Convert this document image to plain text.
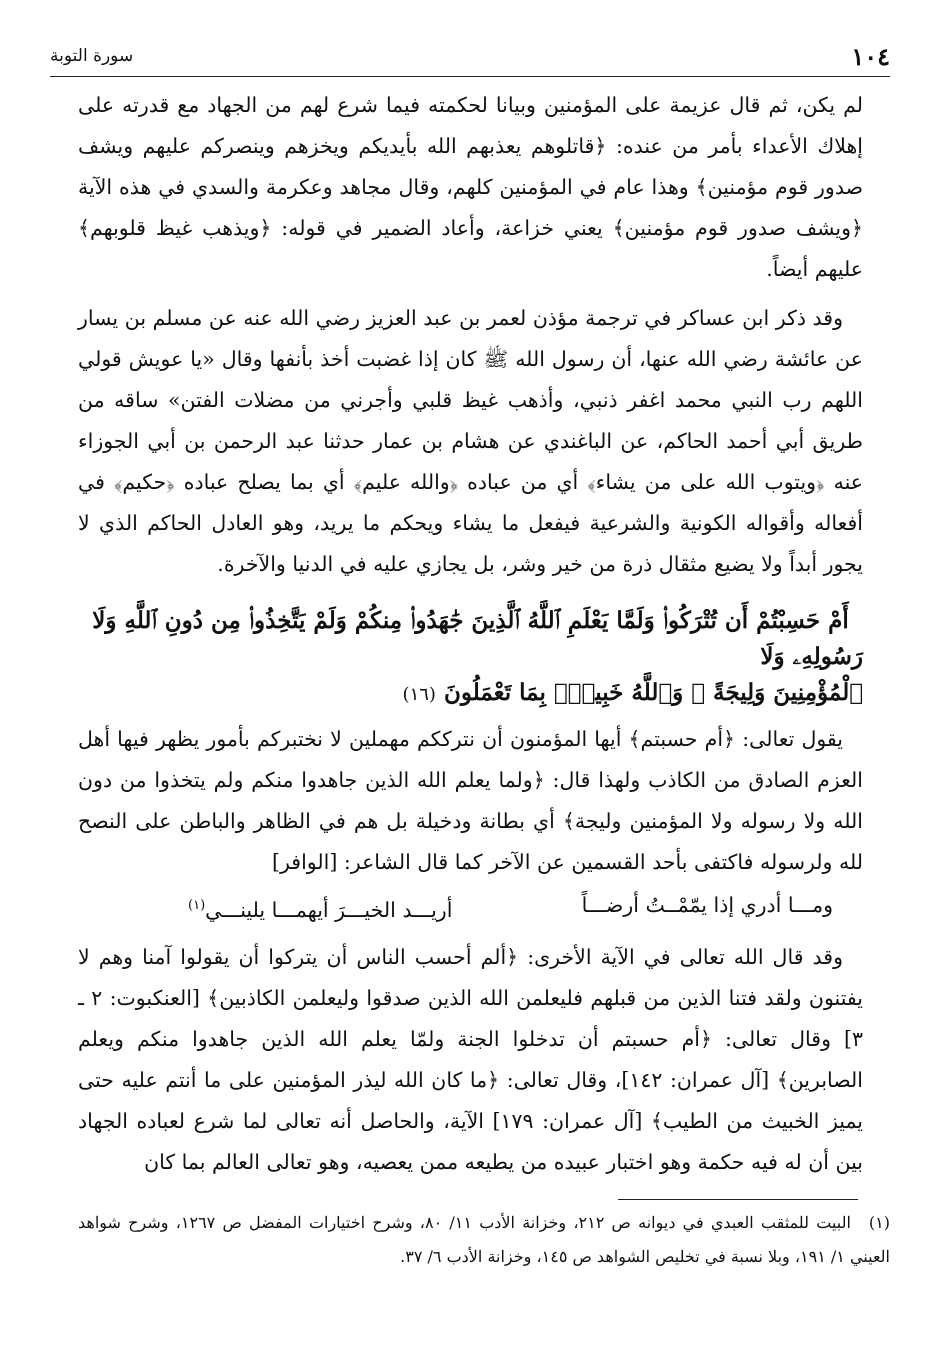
١٠٤
سورة التوبة

لم يكن، ثم قال عزيمة على المؤمنين وبيانا لحكمته فيما شرع لهم من الجهاد مع قدرته على إهلاك الأعداء بأمر من عنده: ﴿قاتلوهم يعذبهم الله بأيديكم ويخزهم وينصركم عليهم ويشف صدور قوم مؤمنين﴾ وهذا عام في المؤمنين كلهم، وقال مجاهد وعكرمة والسدي في هذه الآية ﴿ويشف صدور قوم مؤمنين﴾ يعني خزاعة، وأعاد الضمير في قوله: ﴿ويذهب غيظ قلوبهم﴾ عليهم أيضاً.

وقد ذكر ابن عساكر في ترجمة مؤذن لعمر بن عبد العزيز رضي الله عنه عن مسلم بن يسار عن عائشة رضي الله عنها، أن رسول الله ﷺ كان إذا غضبت أخذ بأنفها وقال «يا عويش قولي اللهم رب النبي محمد اغفر ذنبي، وأذهب غيظ قلبي وأجرني من مضلات الفتن» ساقه من طريق أبي أحمد الحاكم، عن الباغندي عن هشام بن عمار حدثنا عبد الرحمن بن أبي الجوزاء عنه ﴿ويتوب الله على من يشاء﴾ أي من عباده ﴿والله عليم﴾ أي بما يصلح عباده ﴿حكيم﴾ في أفعاله وأقواله الكونية والشرعية فيفعل ما يشاء ويحكم ما يريد، وهو العادل الحاكم الذي لا يجور أبداً ولا يضيع مثقال ذرة من خير وشر، بل يجازي عليه في الدنيا والآخرة.

أَمْ حَسِبْتُمْ أَن تُتْرَكُوا۟ وَلَمَّا يَعْلَمِ ٱللَّهُ ٱلَّذِينَ جَٰهَدُوا۟ مِنكُمْ وَلَمْ يَتَّخِذُوا۟ مِن دُونِ ٱللَّهِ وَلَا رَسُولِهِۦ وَلَا
ٱلْمُؤْمِنِينَ وَلِيجَةً ۚ وَٱللَّهُ خَبِيرٌۢ بِمَا تَعْمَلُونَ (١٦)

يقول تعالى: ﴿أم حسبتم﴾ أيها المؤمنون أن نترككم مهملين لا نختبركم بأمور يظهر فيها أهل العزم الصادق من الكاذب ولهذا قال: ﴿ولما يعلم الله الذين جاهدوا منكم ولم يتخذوا من دون الله ولا رسوله ولا المؤمنين وليجة﴾ أي بطانة ودخيلة بل هم في الظاهر والباطن على النصح لله ولرسوله فاكتفى بأحد القسمين عن الآخر كما قال الشاعر: [الوافر]

ومـــا أدري إذا يمّمْــتُ أرضـــاً
أريـــد الخيـــرَ أيهمـــا يلينـــي$^{(١)}$

وقد قال الله تعالى في الآية الأخرى: ﴿ألم أحسب الناس أن يتركوا أن يقولوا آمنا وهم لا يفتنون ولقد فتنا الذين من قبلهم فليعلمن الله الذين صدقوا وليعلمن الكاذبين﴾ [العنكبوت: ٢ ـ ٣] وقال تعالى: ﴿أم حسبتم أن تدخلوا الجنة ولمّا يعلم الله الذين جاهدوا منكم ويعلم الصابرين﴾ [آل عمران: ١٤٢]، وقال تعالى: ﴿ما كان الله ليذر المؤمنين على ما أنتم عليه حتى يميز الخبيث من الطيب﴾ [آل عمران: ١٧٩] الآية، والحاصل أنه تعالى لما شرع لعباده الجهاد بين أن له فيه حكمة وهو اختبار عبيده من يطيعه ممن يعصيه، وهو تعالى العالم بما كان

(١)البيت للمثقب العبدي في ديوانه ص ٢١٢، وخزانة الأدب ١١/ ٨٠، وشرح اختيارات المفضل ص ١٢٦٧، وشرح شواهد العيني ١/ ١٩١، وبلا نسبة في تخليص الشواهد ص ١٤٥، وخزانة الأدب ٦/ ٣٧.
